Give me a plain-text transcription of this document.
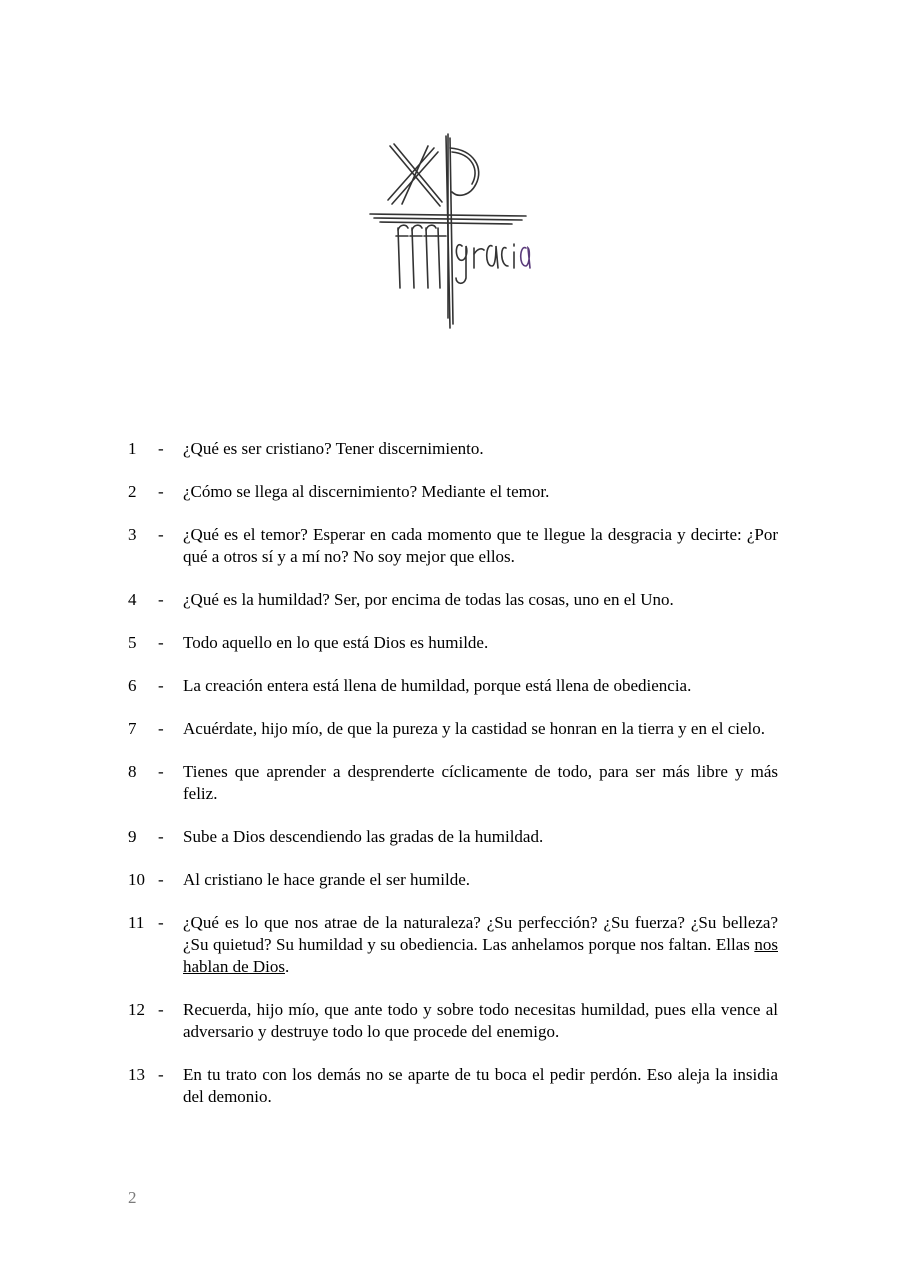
1	-	¿Qué es ser cristiano? Tener discernimiento.
2	-	¿Cómo se llega al discernimiento? Mediante el temor.
3	-	¿Qué es el temor? Esperar en cada momento que te llegue la desgracia y decirte: ¿Por qué a otros sí y a mí no? No soy mejor que ellos.
4	-	¿Qué es la humildad? Ser, por encima de todas las cosas, uno en el Uno.
5	-	Todo aquello en lo que está Dios es humilde.
6	-	La creación entera está llena de humildad, porque está llena de obediencia.
7	-	Acuérdate, hijo mío, de que la pureza y la castidad se honran en la tierra y en el cielo.
8	-	Tienes que aprender a desprenderte cíclicamente de todo, para ser más libre y más feliz.
9	-	Sube a Dios descendiendo las gradas de la humildad.
10 -	Al cristiano le hace grande el ser humilde.
11 -	¿Qué es lo que nos atrae de la naturaleza? ¿Su perfección? ¿Su fuerza? ¿Su belleza? ¿Su quietud? Su humildad y su obediencia. Las anhelamos porque nos faltan. Ellas nos hablan de Dios.
12 -	Recuerda, hijo mío, que ante todo y sobre todo necesitas humildad, pues ella vence al adversario y destruye todo lo que procede del enemigo.
13 -	En tu trato con los demás no se aparte de tu boca el pedir perdón. Eso aleja la insidia del demonio.
2
